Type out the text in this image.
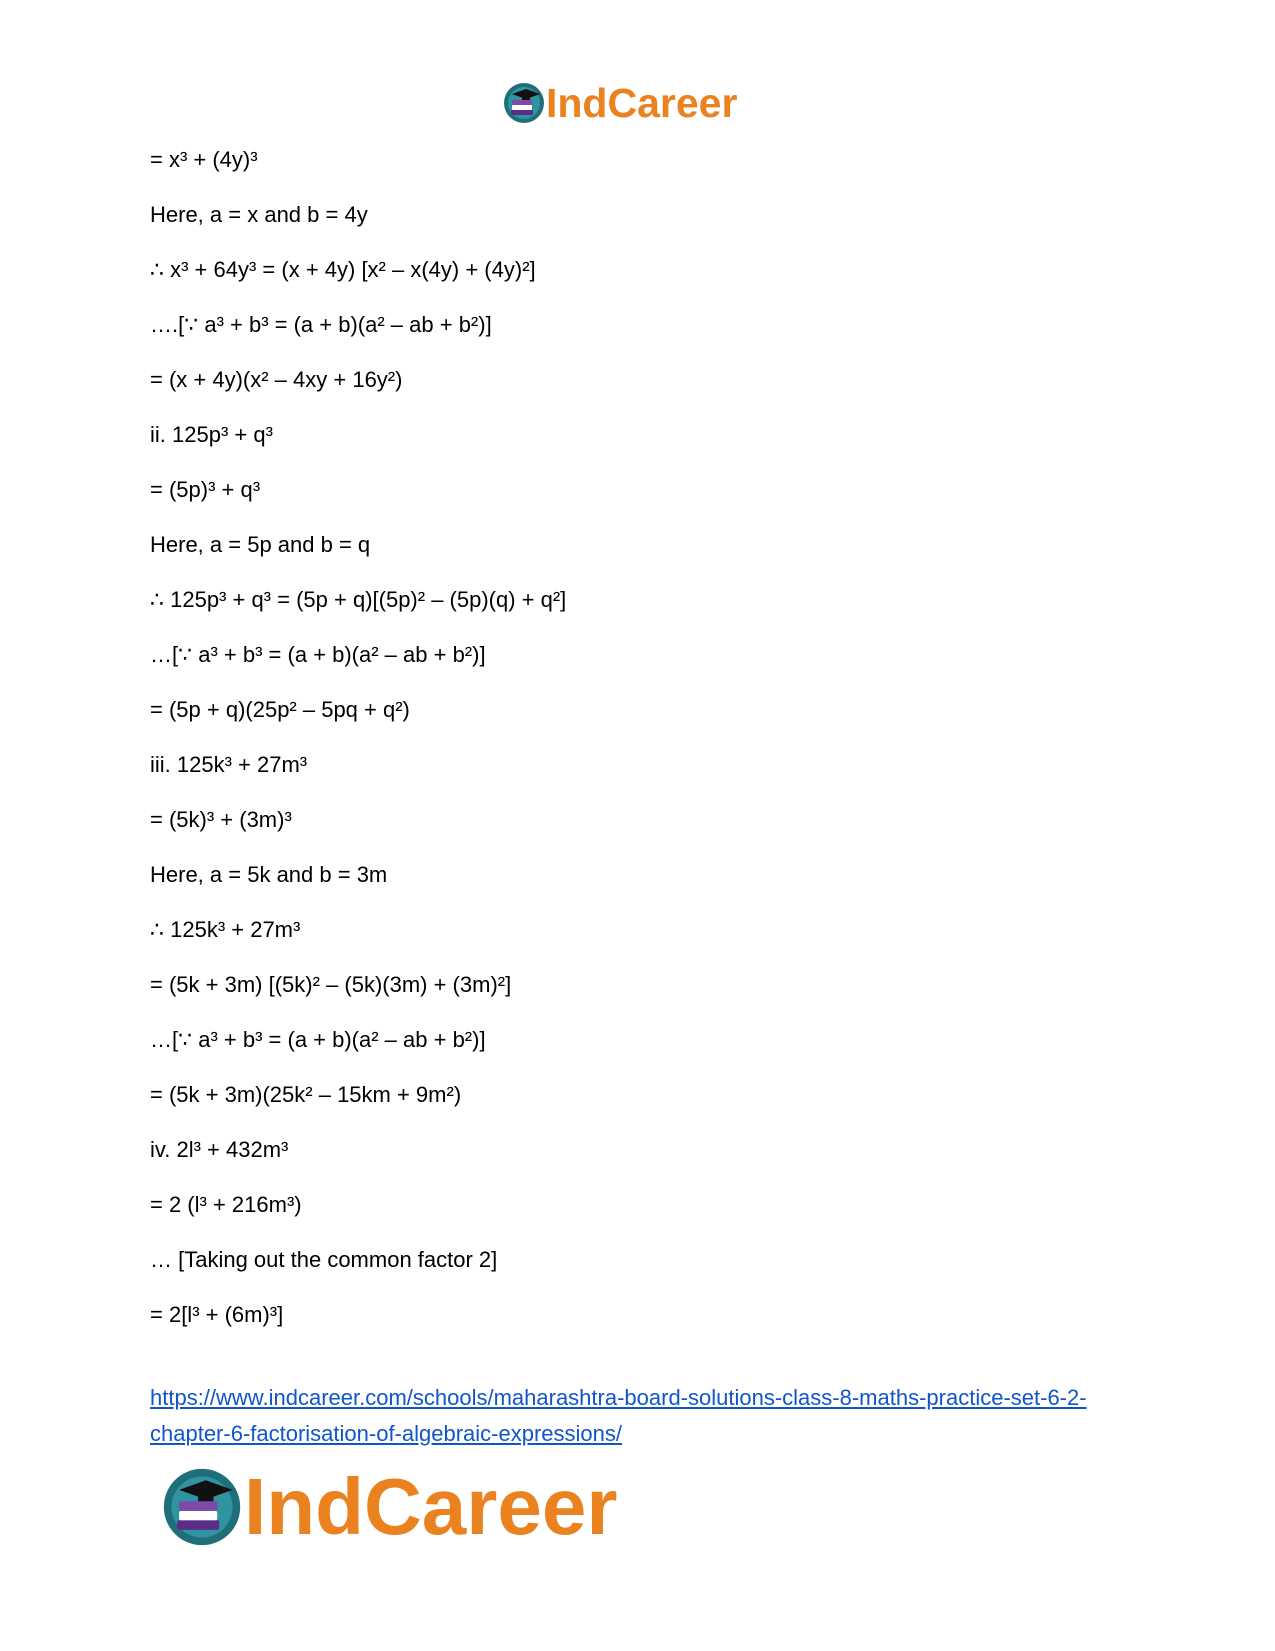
IndCareer
= x³ + (4y)³
Here, a = x and b = 4y
∴ x³ + 64y³ = (x + 4y) [x² – x(4y) + (4y)²]
….[∵ a³ + b³ = (a + b)(a² – ab + b²)]
= (x + 4y)(x² – 4xy + 16y²)
ii. 125p³ + q³
= (5p)³ + q³
Here, a = 5p and b = q
∴ 125p³ + q³ = (5p + q)[(5p)² – (5p)(q) + q²]
…[∵ a³ + b³ = (a + b)(a² – ab + b²)]
= (5p + q)(25p² – 5pq + q²)
iii. 125k³ + 27m³
= (5k)³ + (3m)³
Here, a = 5k and b = 3m
∴ 125k³ + 27m³
= (5k + 3m) [(5k)² – (5k)(3m) + (3m)²]
…[∵ a³ + b³ = (a + b)(a² – ab + b²)]
= (5k + 3m)(25k² – 15km + 9m²)
iv. 2l³ + 432m³
= 2 (l³ + 216m³)
… [Taking out the common factor 2]
= 2[l³ + (6m)³]
https://www.indcareer.com/schools/maharashtra-board-solutions-class-8-maths-practice-set-6-2-
chapter-6-factorisation-of-algebraic-expressions/
IndCareer
